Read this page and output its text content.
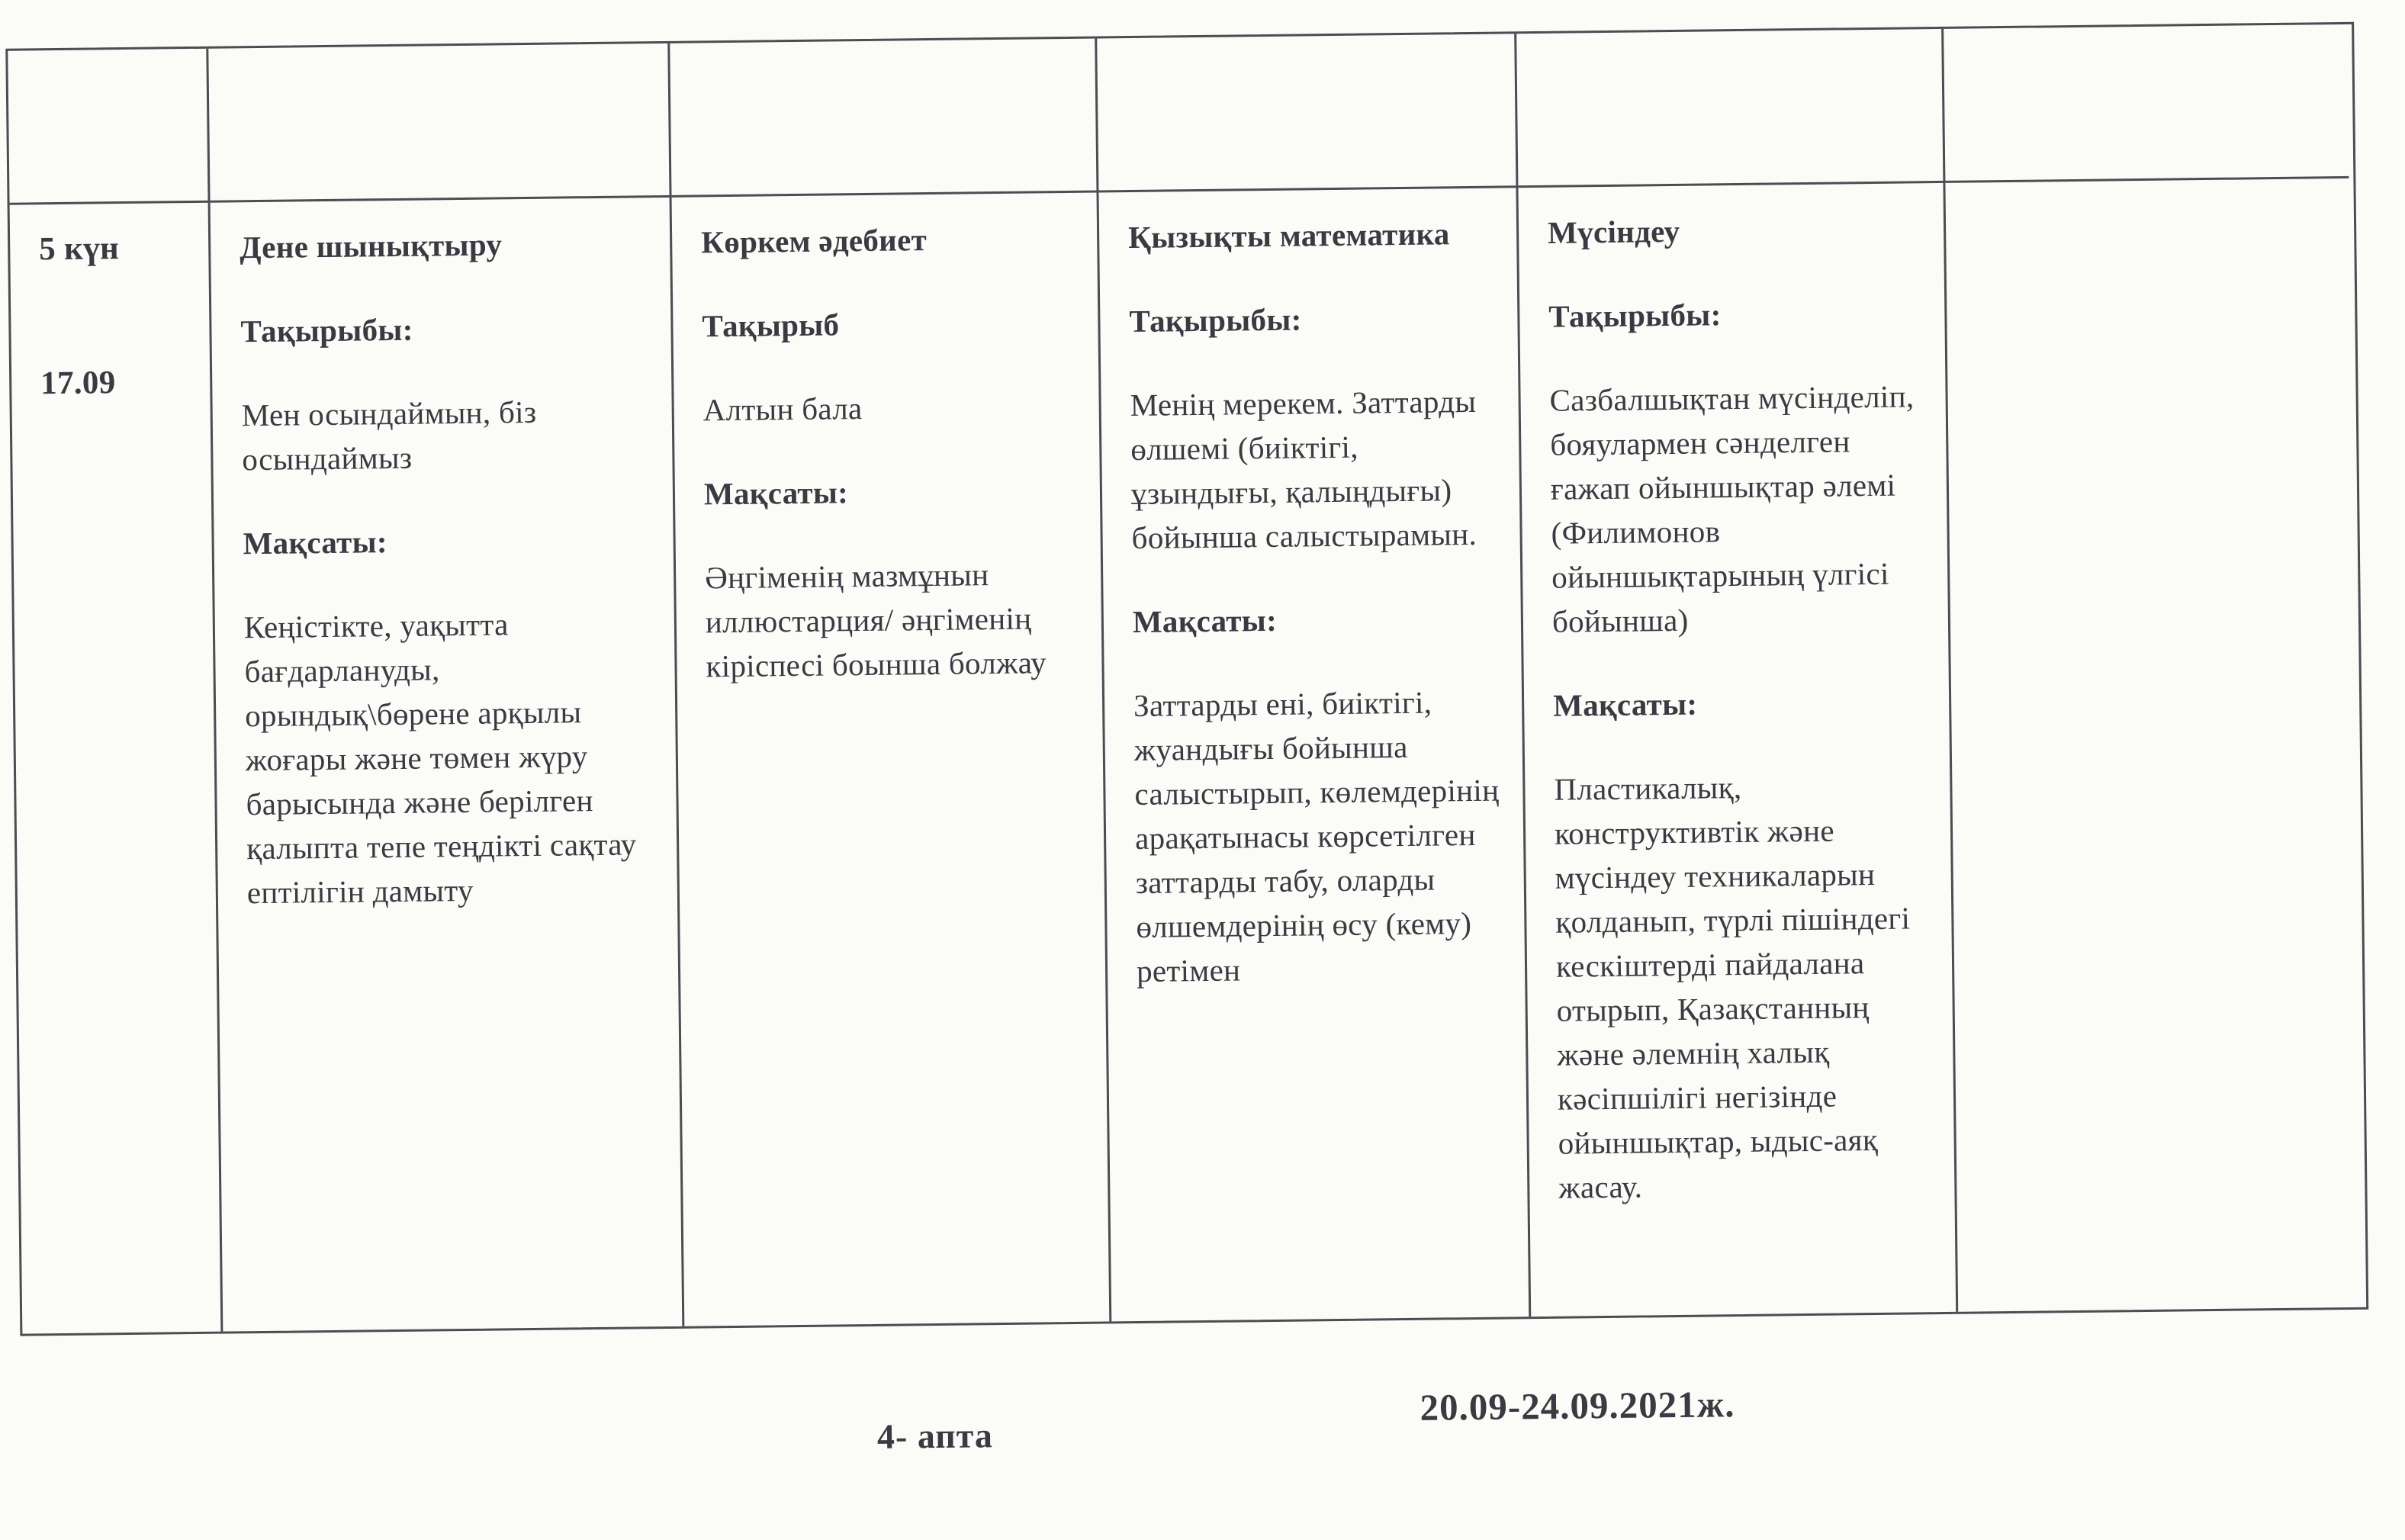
5 күн

17.09

Дене шынықтыру

Тақырыбы:

Мен осындаймын, біз осындаймыз

Мақсаты:

Кеңістікте, уақытта бағдарлануды, орындық\бөрене арқылы жоғары және төмен жүру барысында және берілген қалыпта тепе теңдікті сақтау ептілігін дамыту

Көркем әдебиет

Тақырыб

Алтын бала

Мақсаты:

Әңгіменің мазмұнын иллюстарция/ әңгіменің кіріспесі боынша болжау

Қызықты математика

Тақырыбы:

Менің мерекем. Заттарды өлшемі (биіктігі, ұзындығы, қалыңдығы) бойынша салыстырамын.

Мақсаты:

Заттарды ені, биіктігі, жуандығы бойынша салыстырып, көлемдерінің арақатынасы көрсетілген заттарды табу, оларды өлшемдерінің өсу (кему) ретімен

Мүсіндеу

Тақырыбы:

Сазбалшықтан мүсінделіп, бояулармен сәнделген ғажап ойыншықтар әлемі (Филимонов ойыншықтарының үлгісі бойынша)

Мақсаты:

Пластикалық, конструктивтік және мүсіндеу техникаларын қолданып, түрлі пішіндегі кескіштерді пайдалана отырып, Қазақстанның және әлемнің халық кәсіпшілігі негізінде ойыншықтар, ыдыс-аяқ жасау.

4- апта
20.09-24.09.2021ж.
